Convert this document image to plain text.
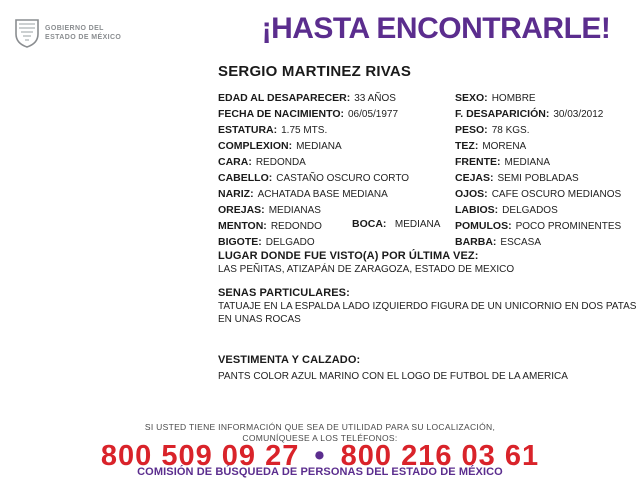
GOBIERNO DEL
ESTADO DE MÉXICO	¡HASTA ENCONTRARLE!
SERGIO MARTINEZ RIVAS
EDAD AL DESAPARECER: 33 AÑOS
FECHA DE NACIMIENTO: 06/05/1977
ESTATURA: 1.75 MTS.
COMPLEXION: MEDIANA
CARA: REDONDA
CABELLO: CASTAÑO OSCURO CORTO
NARIZ: ACHATADA BASE MEDIANA
OREJAS: MEDIANAS
MENTON: REDONDO
BIGOTE: DELGADO
SEXO: HOMBRE
F. DESAPARICIÓN: 30/03/2012
PESO: 78 KGS.
TEZ: MORENA
FRENTE: MEDIANA
CEJAS: SEMI POBLADAS
OJOS: CAFE OSCURO MEDIANOS
LABIOS: DELGADOS
POMULOS: POCO PROMINENTES
BARBA: ESCASA
BOCA: MEDIANA
LUGAR DONDE FUE VISTO(A) POR ÚLTIMA VEZ:
LAS PEÑITAS, ATIZAPÁN DE ZARAGOZA, ESTADO DE MEXICO
SENAS PARTICULARES:
TATUAJE EN LA ESPALDA LADO IZQUIERDO FIGURA DE UN UNICORNIO EN DOS PATAS EN UNAS ROCAS
VESTIMENTA Y CALZADO:
PANTS COLOR AZUL MARINO CON EL LOGO DE FUTBOL DE LA AMERICA
SI USTED TIENE INFORMACIÓN QUE SEA DE UTILIDAD PARA SU LOCALIZACIÓN,
COMUNÍQUESE A LOS TELÉFONOS:
800 509 09 27 • 800 216 03 61
COMISIÓN DE BÚSQUEDA DE PERSONAS DEL ESTADO DE MÉXICO
